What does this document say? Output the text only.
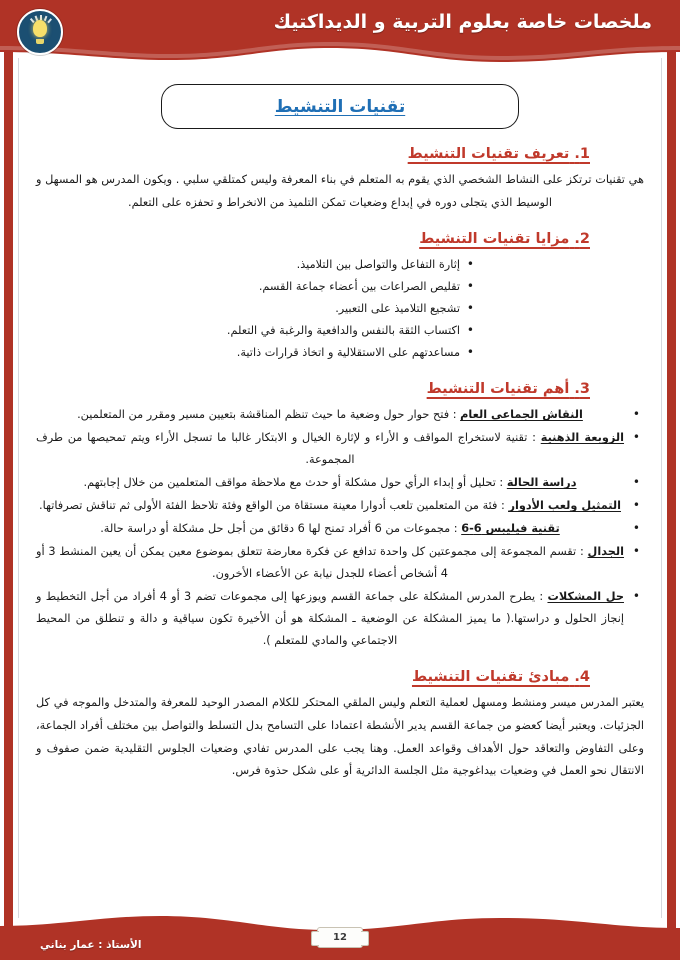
ملخصات خاصة بعلوم التربية و الديداكتيك
تقنيات التنشيط
1. تعريف تقنيات التنشيط
هي تقنيات ترتكز على النشاط الشخصي الذي يقوم به المتعلم في بناء المعرفة وليس كمتلقي سلبي . ويكون المدرس هو المسهل و الوسيط الذي يتجلى دوره في إبداع وضعيات تمكن التلميذ من الانخراط و تحفزه على التعلم.
2. مزايا تقنيات التنشيط
• إثارة التفاعل والتواصل بين التلاميذ.
• تقليص الصراعات بين أعضاء جماعة القسم.
• تشجيع التلاميذ على التعبير.
• اكتساب الثقة بالنفس والدافعية والرغبة في التعلم.
• مساعدتهم على الاستقلالية و اتخاذ قرارات ذاتية.
3. أهم تقنيات التنشيط
• النقاش الجماعي العام : فتح حوار حول وضعية ما حيث تنظم المناقشة بتعيين مسير ومقرر من المتعلمين.
• الزوبعة الذهنية : تقنية لاستخراج المواقف و الأراء و لإثارة الخيال و الابتكار غالبا ما تسجل الأراء ويتم تمحيصها من طرف المجموعة.
• دراسة الحالة : تحليل أو إبداء الرأي حول مشكلة أو حدث مع ملاحظة مواقف المتعلمين من خلال إجابتهم.
• التمثيل ولعب الأدوار : فئة من المتعلمين تلعب أدوارا معينة مستقاة من الواقع وفئة تلاحظ الفئة الأولى ثم تناقش تصرفاتها.
• تقنية فيليبس 6-6 : مجموعات من 6 أفراد تمنح لها 6 دقائق من أجل حل مشكلة أو دراسة حالة.
• الجدال : تقسم المجموعة إلى مجموعتين كل واحدة تدافع عن فكرة معارضة تتعلق بموضوع معين يمكن أن يعين المنشط 3 أو 4 أشخاص أعضاء للجدل نيابة عن الأعضاء الأخرون.
• حل المشكلات : يطرح المدرس المشكلة على جماعة القسم ويوزعها إلى مجموعات تضم 3 أو 4 أفراد من أجل التخطيط و إنجاز الحلول و دراستها.( ما يميز المشكلة عن الوضعية ـ المشكلة هو أن الأخيرة تكون سياقية و دالة و تنطلق من المحيط الاجتماعي والمادي للمتعلم ).
4. مبادئ تقنيات التنشيط
يعتبر المدرس ميسر ومنشط ومسهل لعملية التعلم وليس الملقي المحتكر للكلام المصدر الوحيد للمعرفة والمتدخل والموجه في كل الجزئيات. ويعتبر أيضا كعضو من جماعة القسم يدير الأنشطة اعتمادا على التسامح بدل التسلط والتواصل بين مختلف أفراد الجماعة، وعلى التفاوض والتعاقد حول الأهداف وقواعد العمل. وهنا يجب على المدرس تفادي وضعيات الجلوس التقليدية ضمن صفوف و الانتقال نحو العمل في وضعيات بيداغوجية مثل الجلسة الدائرية أو على شكل حذوة فرس.
الأستاذ : عمار بناني
12
